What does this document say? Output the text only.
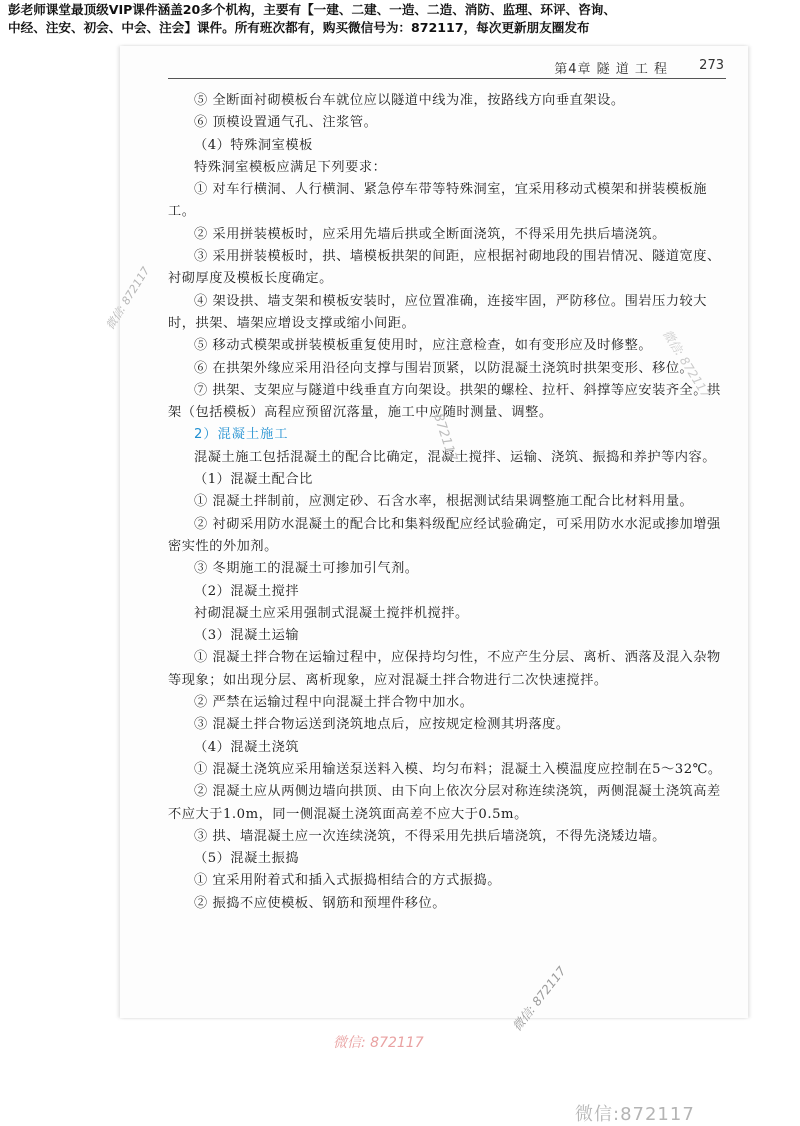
彭老师课堂最顶级VIP课件涵盖20多个机构，主要有【一建、二建、一造、二造、消防、监理、环评、咨询、
中经、注安、初会、中会、注会】课件。所有班次都有，购买微信号为：872117，每次更新朋友圈发布
第4章 隧 道 工 程 273

⑤ 全断面衬砌模板台车就位应以隧道中线为准，按路线方向垂直架设。

⑥ 顶模设置通气孔、注浆管。

（4）特殊洞室模板

特殊洞室模板应满足下列要求：

① 对车行横洞、人行横洞、紧急停车带等特殊洞室，宜采用移动式模架和拼装模板施工。

② 采用拼装模板时，应采用先墙后拱或全断面浇筑，不得采用先拱后墙浇筑。

③ 采用拼装模板时，拱、墙模板拱架的间距，应根据衬砌地段的围岩情况、隧道宽度、衬砌厚度及模板长度确定。

④ 架设拱、墙支架和模板安装时，应位置准确，连接牢固，严防移位。围岩压力较大时，拱架、墙架应增设支撑或缩小间距。

⑤ 移动式模架或拼装模板重复使用时，应注意检查，如有变形应及时修整。

⑥ 在拱架外缘应采用沿径向支撑与围岩顶紧，以防混凝土浇筑时拱架变形、移位。

⑦ 拱架、支架应与隧道中线垂直方向架设。拱架的螺栓、拉杆、斜撑等应安装齐全。拱架（包括模板）高程应预留沉落量，施工中应随时测量、调整。

2）混凝土施工

混凝土施工包括混凝土的配合比确定，混凝土搅拌、运输、浇筑、振捣和养护等内容。

（1）混凝土配合比

① 混凝土拌制前，应测定砂、石含水率，根据测试结果调整施工配合比材料用量。

② 衬砌采用防水混凝土的配合比和集料级配应经试验确定，可采用防水水泥或掺加增强密实性的外加剂。

③ 冬期施工的混凝土可掺加引气剂。

（2）混凝土搅拌

衬砌混凝土应采用强制式混凝土搅拌机搅拌。

（3）混凝土运输

① 混凝土拌合物在运输过程中，应保持均匀性，不应产生分层、离析、洒落及混入杂物等现象；如出现分层、离析现象，应对混凝土拌合物进行二次快速搅拌。

② 严禁在运输过程中向混凝土拌合物中加水。

③ 混凝土拌合物运送到浇筑地点后，应按规定检测其坍落度。

（4）混凝土浇筑

① 混凝土浇筑应采用输送泵送料入模、均匀布料；混凝土入模温度应控制在5～32℃。

② 混凝土应从两侧边墙向拱顶、由下向上依次分层对称连续浇筑，两侧混凝土浇筑高差不应大于1.0m，同一侧混凝土浇筑面高差不应大于0.5m。

③ 拱、墙混凝土应一次连续浇筑，不得采用先拱后墙浇筑，不得先浇矮边墙。

（5）混凝土振捣

① 宜采用附着式和插入式振捣相结合的方式振捣。

② 振捣不应使模板、钢筋和预埋件移位。

微信: 872117
微信: 872117
872117
微信: 872117
微信: 872117
微信:872117
